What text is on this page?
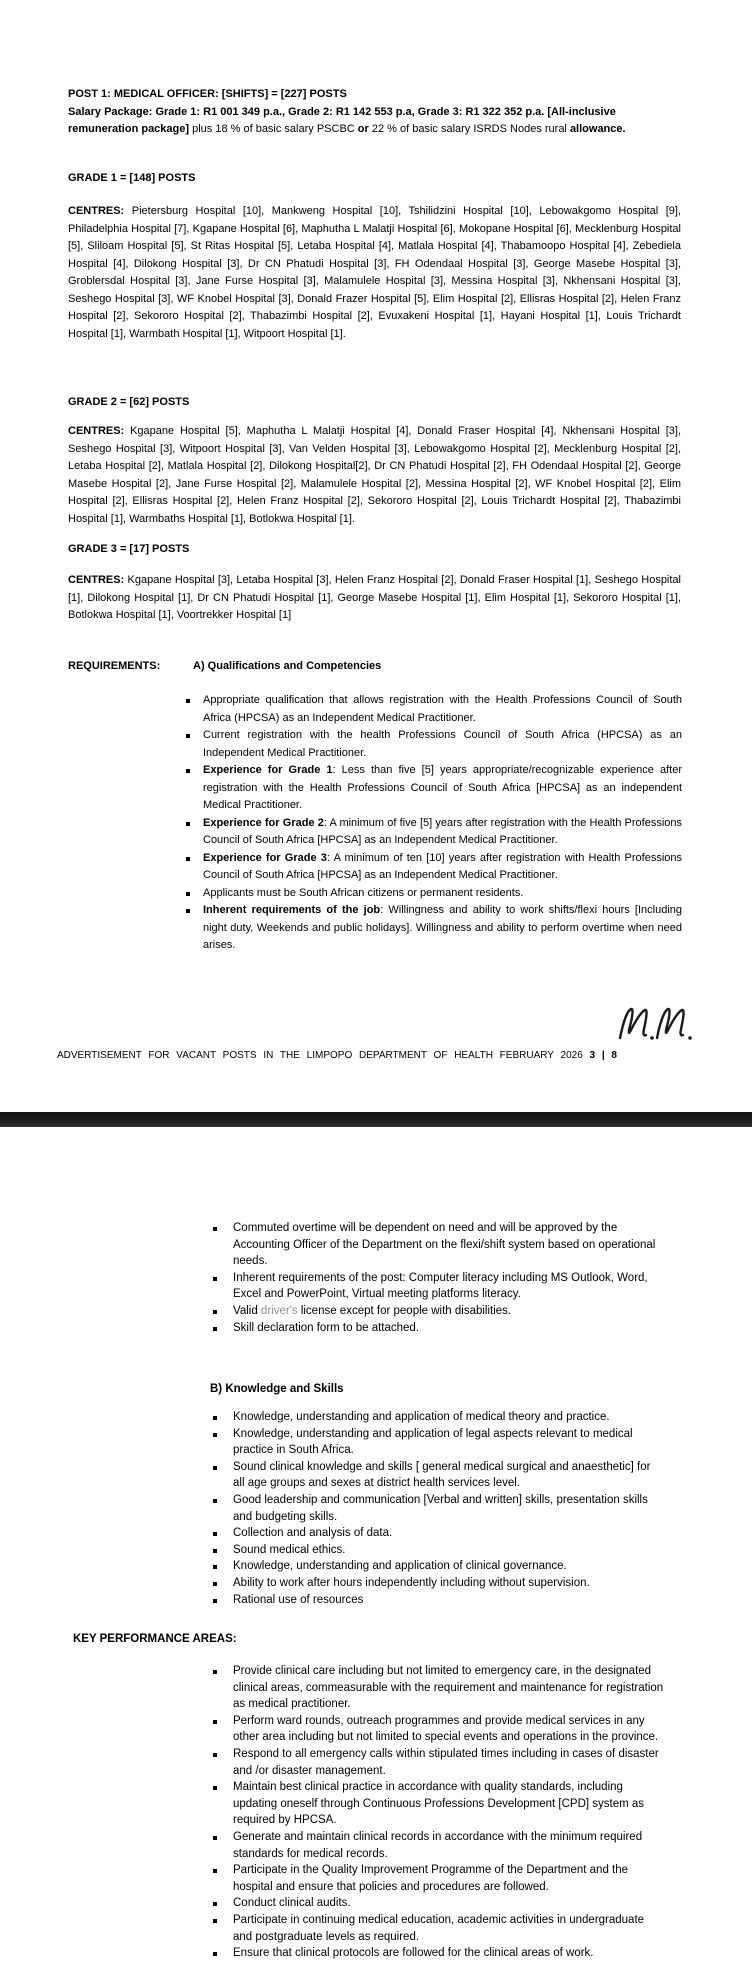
POST 1: MEDICAL OFFICER: [SHIFTS] = [227] POSTS

Salary Package: Grade 1: R1 001 349 p.a., Grade 2: R1 142 553 p.a, Grade 3: R1 322 352 p.a. [All-inclusive remuneration package] plus 18 % of basic salary PSCBC or 22 % of basic salary ISRDS Nodes rural allowance.

GRADE 1 = [148] POSTS

CENTRES: Pietersburg Hospital [10], Mankweng Hospital [10], Tshilidzini Hospital [10], Lebowakgomo Hospital [9], Philadelphia Hospital [7], Kgapane Hospital [6], Maphutha L Malatji Hospital [6], Mokopane Hospital [6], Mecklenburg Hospital [5], Sliloam Hospital [5], St Ritas Hospital [5], Letaba Hospital [4], Matlala Hospital [4], Thabamoopo Hospital [4], Zebediela Hospital [4], Dilokong Hospital [3], Dr CN Phatudi Hospital [3], FH Odendaal Hospital [3], George Masebe Hospital [3], Groblersdal Hospital [3], Jane Furse Hospital [3], Malamulele Hospital [3], Messina Hospital [3], Nkhensani Hospital [3], Seshego Hospital [3], WF Knobel Hospital [3], Donald Frazer Hospital [5], Elim Hospital [2], Ellisras Hospital [2], Helen Franz Hospital [2], Sekororo Hospital [2], Thabazimbi Hospital [2], Evuxakeni Hospital [1], Hayani Hospital [1], Louis Trichardt Hospital [1], Warmbath Hospital [1], Witpoort Hospital [1].

GRADE 2 = [62] POSTS

CENTRES: Kgapane Hospital [5], Maphutha L Malatji Hospital [4], Donald Fraser Hospital [4], Nkhensani Hospital [3], Seshego Hospital [3], Witpoort Hospital [3], Van Velden Hospital [3], Lebowakgomo Hospital [2], Mecklenburg Hospital [2], Letaba Hospital [2], Matlala Hospital [2], Dilokong Hospital[2], Dr CN Phatudi Hospital [2], FH Odendaal Hospital [2], George Masebe Hospital [2], Jane Furse Hospital [2], Malamulele Hospital [2], Messina Hospital [2], WF Knobel Hospital [2], Elim Hospital [2], Ellisras Hospital [2], Helen Franz Hospital [2], Sekororo Hospital [2], Louis Trichardt Hospital [2], Thabazimbi Hospital [1], Warmbaths Hospital [1], Botlokwa Hospital [1].

GRADE 3 = [17] POSTS

CENTRES: Kgapane Hospital [3], Letaba Hospital [3], Helen Franz Hospital [2], Donald Fraser Hospital [1], Seshego Hospital [1], Dilokong Hospital [1], Dr CN Phatudi Hospital [1], George Masebe Hospital [1], Elim Hospital [1], Sekororo Hospital [1], Botlokwa Hospital [1], Voortrekker Hospital [1]

REQUIREMENTS:	A) Qualifications and Competencies

Appropriate qualification that allows registration with the Health Professions Council of South Africa (HPCSA) as an Independent Medical Practitioner.

Current registration with the health Professions Council of South Africa (HPCSA) as an Independent Medical Practitioner.

Experience for Grade 1: Less than five [5] years appropriate/recognizable experience after registration with the Health Professions Council of South Africa [HPCSA] as an independent Medical Practitioner.

Experience for Grade 2: A minimum of five [5] years after registration with the Health Professions Council of South Africa [HPCSA] as an Independent Medical Practitioner.

Experience for Grade 3: A minimum of ten [10] years after registration with Health Professions Council of South Africa [HPCSA] as an Independent Medical Practitioner.

Applicants must be South African citizens or permanent residents.

Inherent requirements of the job: Willingness and ability to work shifts/flexi hours [Including night duty, Weekends and public holidays]. Willingness and ability to perform overtime when need arises.

ADVERTISEMENT FOR VACANT POSTS IN THE LIMPOPO DEPARTMENT OF HEALTH FEBRUARY 2026 3 | 8

Commuted overtime will be dependent on need and will be approved by the Accounting Officer of the Department on the flexi/shift system based on operational needs.

Inherent requirements of the post: Computer literacy including MS Outlook, Word, Excel and PowerPoint, Virtual meeting platforms literacy.

Valid driver's license except for people with disabilities.

Skill declaration form to be attached.

B) Knowledge and Skills

Knowledge, understanding and application of medical theory and practice.

Knowledge, understanding and application of legal aspects relevant to medical practice in South Africa.

Sound clinical knowledge and skills [ general medical surgical and anaesthetic] for all age groups and sexes at district health services level.

Good leadership and communication [Verbal and written] skills, presentation skills and budgeting skills.

Collection and analysis of data.

Sound medical ethics.

Knowledge, understanding and application of clinical governance.

Ability to work after hours independently including without supervision.

Rational use of resources

KEY PERFORMANCE AREAS:

Provide clinical care including but not limited to emergency care, in the designated clinical areas, commeasurable with the requirement and maintenance for registration as medical practitioner.

Perform ward rounds, outreach programmes and provide medical services in any other area including but not limited to special events and operations in the province.

Respond to all emergency calls within stipulated times including in cases of disaster and /or disaster management.

Maintain best clinical practice in accordance with quality standards, including updating oneself through Continuous Professions Development [CPD] system as required by HPCSA.

Generate and maintain clinical records in accordance with the minimum required standards for medical records.

Participate in the Quality Improvement Programme of the Department and the hospital and ensure that policies and procedures are followed.

Conduct clinical audits.

Participate in continuing medical education, academic activities in undergraduate and postgraduate levels as required.

Ensure that clinical protocols are followed for the clinical areas of work.
